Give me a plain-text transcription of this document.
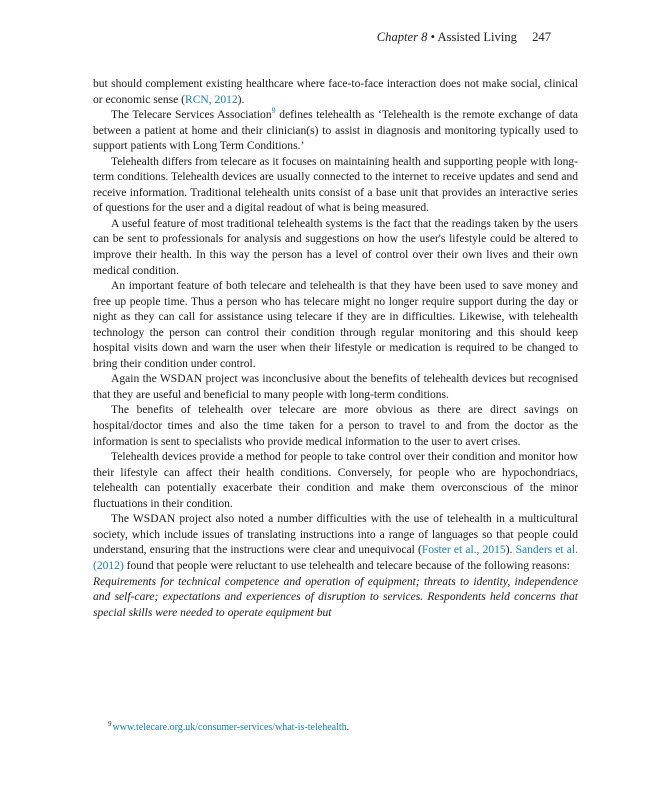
Chapter 8 • Assisted Living 247

but should complement existing healthcare where face-to-face interaction does not make social, clinical or economic sense (RCN, 2012).

The Telecare Services Association$^9$ defines telehealth as ‘Telehealth is the remote exchange of data between a patient at home and their clinician(s) to assist in diagnosis and monitoring typically used to support patients with Long Term Conditions.’

Telehealth differs from telecare as it focuses on maintaining health and supporting people with long-term conditions. Telehealth devices are usually connected to the internet to receive updates and send and receive information. Traditional telehealth units consist of a base unit that provides an interactive series of questions for the user and a digital readout of what is being measured.

A useful feature of most traditional telehealth systems is the fact that the readings taken by the users can be sent to professionals for analysis and suggestions on how the user's lifestyle could be altered to improve their health. In this way the person has a level of control over their own lives and their own medical condition.

An important feature of both telecare and telehealth is that they have been used to save money and free up people time. Thus a person who has telecare might no longer require support during the day or night as they can call for assistance using telecare if they are in difficulties. Likewise, with telehealth technology the person can control their condition through regular monitoring and this should keep hospital visits down and warn the user when their lifestyle or medication is required to be changed to bring their condition under control.

Again the WSDAN project was inconclusive about the benefits of telehealth devices but recognised that they are useful and beneficial to many people with long-term conditions.

The benefits of telehealth over telecare are more obvious as there are direct savings on hospital/doctor times and also the time taken for a person to travel to and from the doctor as the information is sent to specialists who provide medical information to the user to avert crises.

Telehealth devices provide a method for people to take control over their condition and monitor how their lifestyle can affect their health conditions. Conversely, for people who are hypochondriacs, telehealth can potentially exacerbate their condition and make them overconscious of the minor fluctuations in their condition.

The WSDAN project also noted a number difficulties with the use of telehealth in a multicultural society, which include issues of translating instructions into a range of languages so that people could understand, ensuring that the instructions were clear and unequivocal (Foster et al., 2015). Sanders et al. (2012) found that people were reluctant to use telehealth and telecare because of the following reasons:

Requirements for technical competence and operation of equipment; threats to identity, independence and self-care; expectations and experiences of disruption to services. Respondents held concerns that special skills were needed to operate equipment but

$^9$www.telecare.org.uk/consumer-services/what-is-telehealth.
